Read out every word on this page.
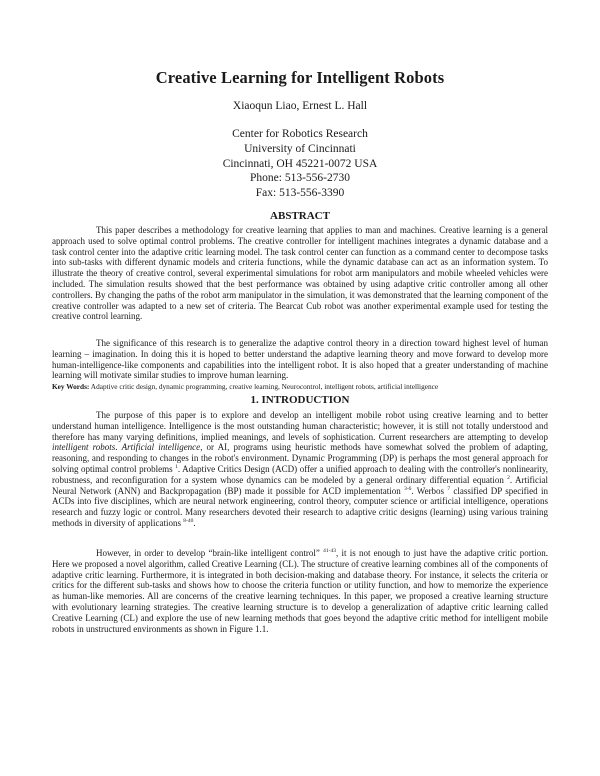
Creative Learning for Intelligent Robots
Xiaoqun Liao, Ernest L. Hall
Center for Robotics Research
University of Cincinnati
Cincinnati, OH 45221-0072 USA
Phone: 513-556-2730
Fax: 513-556-3390
ABSTRACT

This paper describes a methodology for creative learning that applies to man and machines. Creative learning is a general approach used to solve optimal control problems. The creative controller for intelligent machines integrates a dynamic database and a task control center into the adaptive critic learning model. The task control center can function as a command center to decompose tasks into sub-tasks with different dynamic models and criteria functions, while the dynamic database can act as an information system. To illustrate the theory of creative control, several experimental simulations for robot arm manipulators and mobile wheeled vehicles were included. The simulation results showed that the best performance was obtained by using adaptive critic controller among all other controllers. By changing the paths of the robot arm manipulator in the simulation, it was demonstrated that the learning component of the creative controller was adapted to a new set of criteria. The Bearcat Cub robot was another experimental example used for testing the creative control learning.

The significance of this research is to generalize the adaptive control theory in a direction toward highest level of human learning – imagination. In doing this it is hoped to better understand the adaptive learning theory and move forward to develop more human-intelligence-like components and capabilities into the intelligent robot. It is also hoped that a greater understanding of machine learning will motivate similar studies to improve human learning.

Key Words: Adaptive critic design, dynamic programming, creative learning, Neurocontrol, intelligent robots, artificial intelligence
1. INTRODUCTION

The purpose of this paper is to explore and develop an intelligent mobile robot using creative learning and to better understand human intelligence. Intelligence is the most outstanding human characteristic; however, it is still not totally understood and therefore has many varying definitions, implied meanings, and levels of sophistication. Current researchers are attempting to develop intelligent robots. Artificial intelligence, or AI, programs using heuristic methods have somewhat solved the problem of adapting, reasoning, and responding to changes in the robot's environment. Dynamic Programming (DP) is perhaps the most general approach for solving optimal control problems $^1$. Adaptive Critics Design (ACD) offer a unified approach to dealing with the controller's nonlinearity, robustness, and reconfiguration for a system whose dynamics can be modeled by a general ordinary differential equation $^2$. Artificial Neural Network (ANN) and Backpropagation (BP) made it possible for ACD implementation $^{3-6}$. Werbos $^7$ classified DP specified in ACDs into five disciplines, which are neural network engineering, control theory, computer science or artificial intelligence, operations research and fuzzy logic or control. Many researchers devoted their research to adaptive critic designs (learning) using various training methods in diversity of applications $^{8-40}$.

However, in order to develop “brain-like intelligent control” $^{41-43}$, it is not enough to just have the adaptive critic portion. Here we proposed a novel algorithm, called Creative Learning (CL). The structure of creative learning combines all of the components of adaptive critic learning. Furthermore, it is integrated in both decision-making and database theory. For instance, it selects the criteria or critics for the different sub-tasks and shows how to choose the criteria function or utility function, and how to memorize the experience as human-like memories. All are concerns of the creative learning techniques. In this paper, we proposed a creative learning structure with evolutionary learning strategies. The creative learning structure is to develop a generalization of adaptive critic learning called Creative Learning (CL) and explore the use of new learning methods that goes beyond the adaptive critic method for intelligent mobile robots in unstructured environments as shown in Figure 1.1.
